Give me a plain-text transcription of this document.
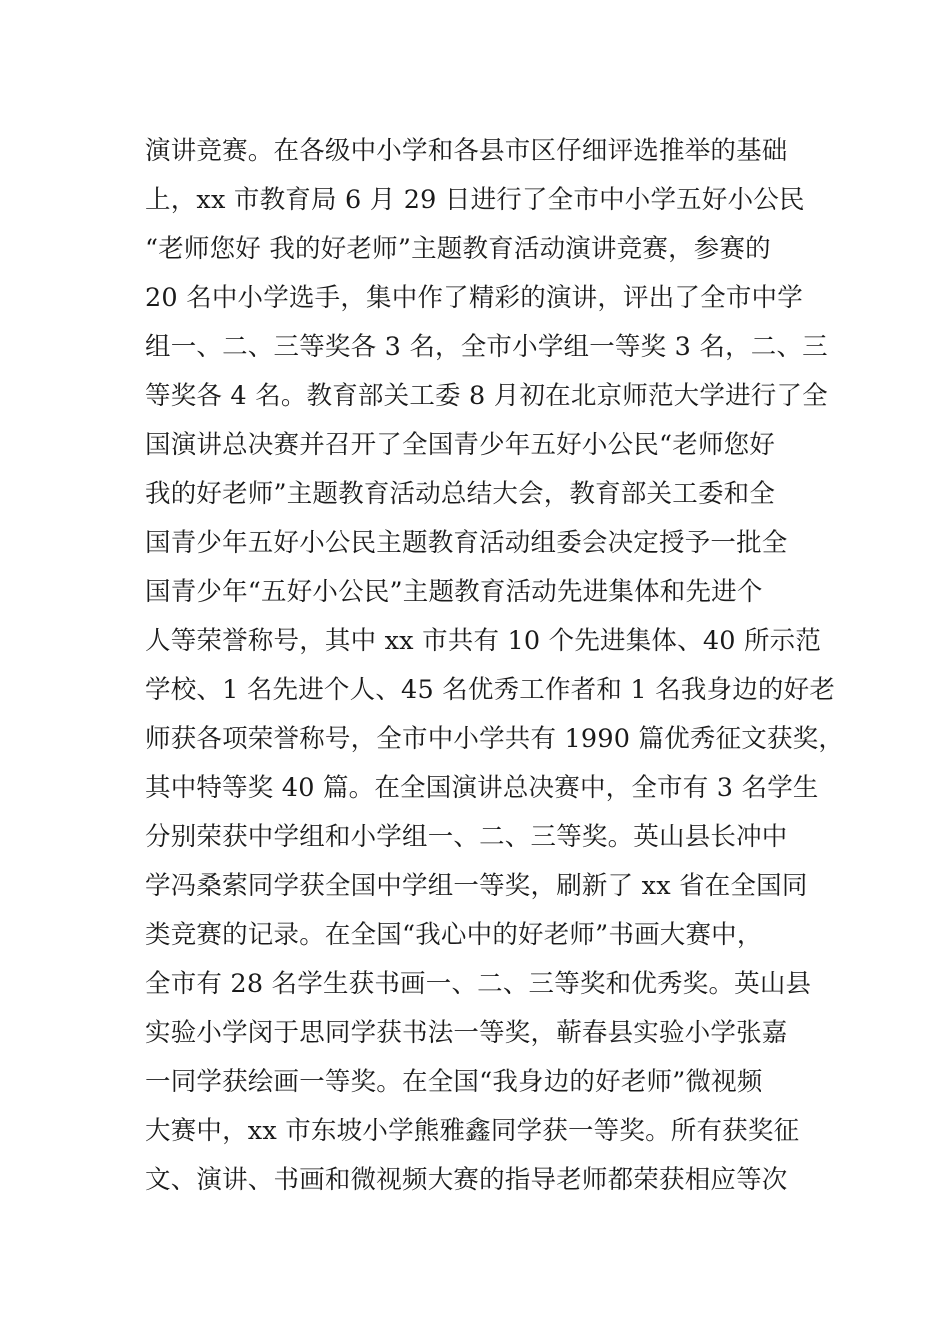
演讲竞赛。在各级中小学和各县市区仔细评选推举的基础
上，xx 市教育局 6 月 29 日进行了全市中小学五好小公民
“老师您好 我的好老师”主题教育活动演讲竞赛，参赛的
20 名中小学选手，集中作了精彩的演讲，评出了全市中学
组一、二、三等奖各 3 名，全市小学组一等奖 3 名，二、三
等奖各 4 名。教育部关工委 8 月初在北京师范大学进行了全
国演讲总决赛并召开了全国青少年五好小公民“老师您好
我的好老师”主题教育活动总结大会，教育部关工委和全
国青少年五好小公民主题教育活动组委会决定授予一批全
国青少年“五好小公民”主题教育活动先进集体和先进个
人等荣誉称号，其中 xx 市共有 10 个先进集体、40 所示范
学校、1 名先进个人、45 名优秀工作者和 1 名我身边的好老
师获各项荣誉称号，全市中小学共有 1990 篇优秀征文获奖，
其中特等奖 40 篇。在全国演讲总决赛中，全市有 3 名学生
分别荣获中学组和小学组一、二、三等奖。英山县长冲中
学冯桑萦同学获全国中学组一等奖，刷新了 xx 省在全国同
类竞赛的记录。在全国“我心中的好老师”书画大赛中，
全市有 28 名学生获书画一、二、三等奖和优秀奖。英山县
实验小学闵于思同学获书法一等奖，蕲春县实验小学张嘉
一同学获绘画一等奖。在全国“我身边的好老师”微视频
大赛中，xx 市东坡小学熊雅鑫同学获一等奖。所有获奖征
文、演讲、书画和微视频大赛的指导老师都荣获相应等次
